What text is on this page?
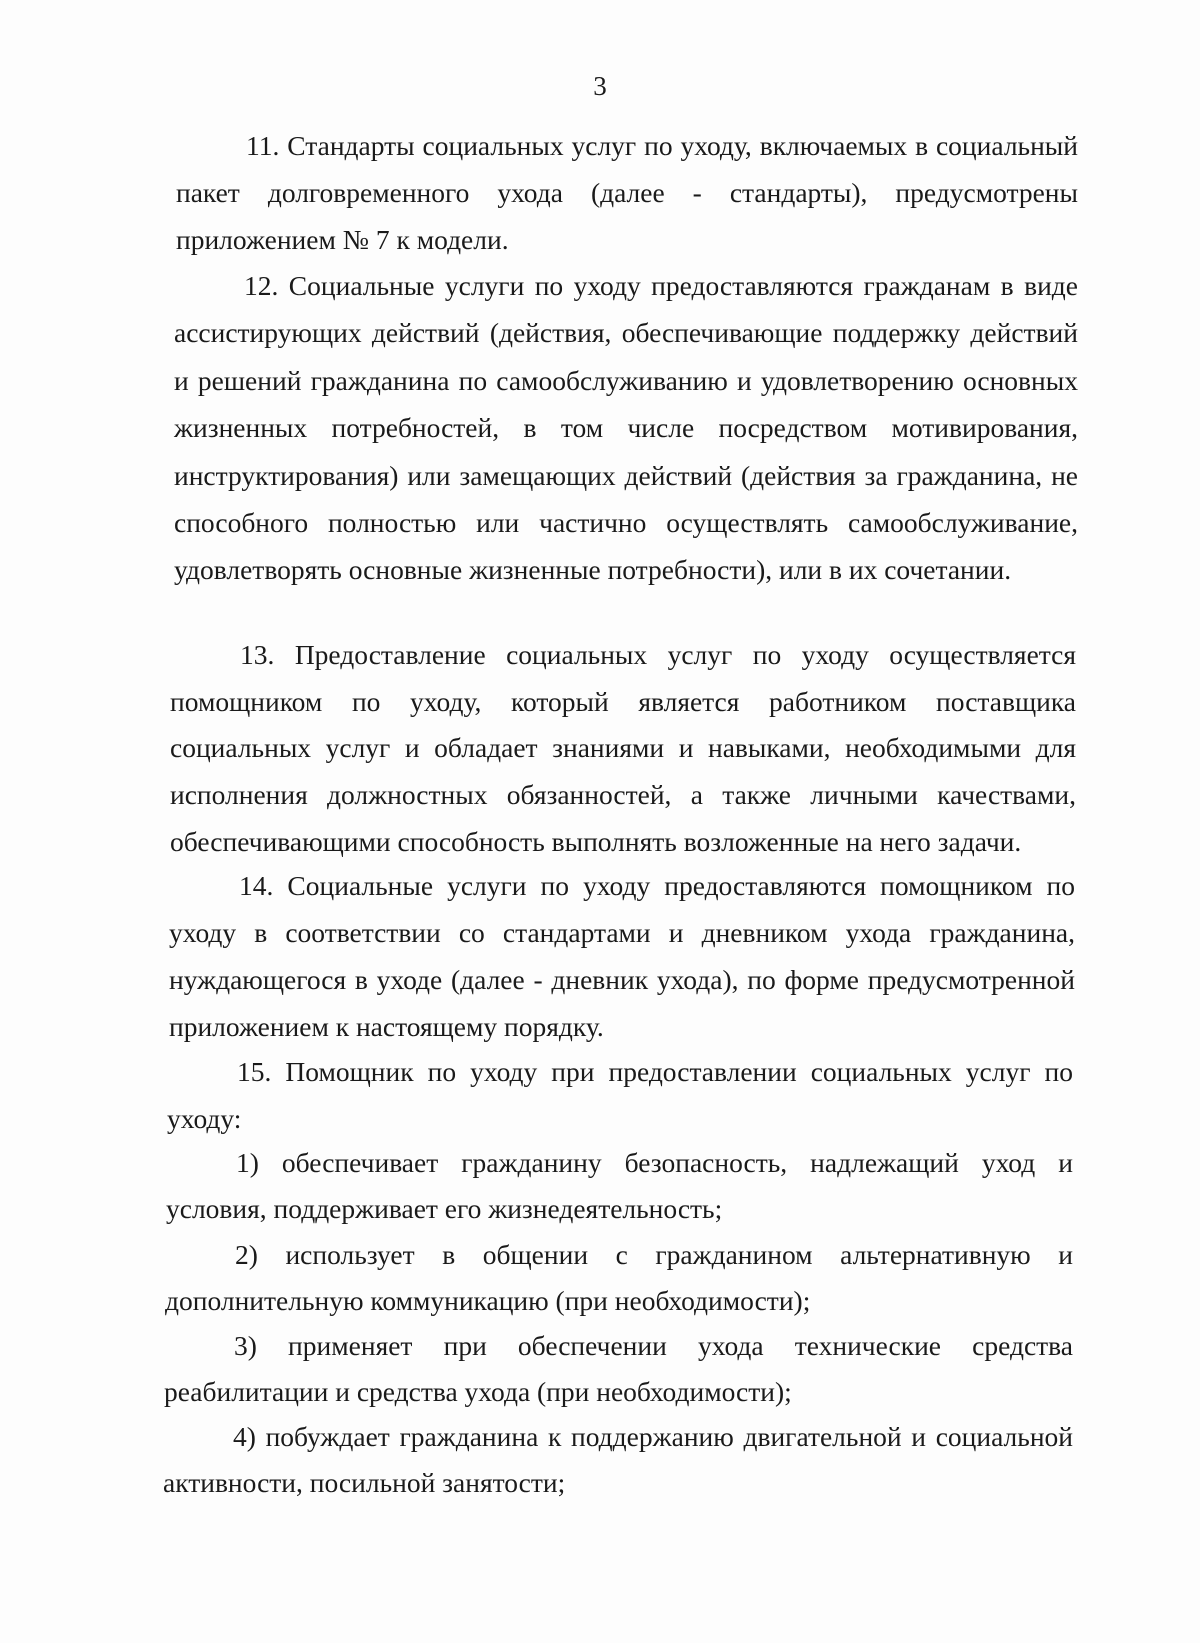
3

11. Стандарты социальных услуг по уходу, включаемых в социальный пакет долговременного ухода (далее - стандарты), предусмотрены приложением № 7 к модели.

12. Социальные услуги по уходу предоставляются гражданам в виде ассистирующих действий (действия, обеспечивающие поддержку действий и решений гражданина по самообслуживанию и удовлетворению основных жизненных потребностей, в том числе посредством мотивирования, инструктирования) или замещающих действий (действия за гражданина, не способного полностью или частично осуществлять самообслуживание, удовлетворять основные жизненные потребности), или в их сочетании.

13. Предоставление социальных услуг по уходу осуществляется помощником по уходу, который является работником поставщика социальных услуг и обладает знаниями и навыками, необходимыми для исполнения должностных обязанностей, а также личными качествами, обеспечивающими способность выполнять возложенные на него задачи.

14. Социальные услуги по уходу предоставляются помощником по уходу в соответствии со стандартами и дневником ухода гражданина, нуждающегося в уходе (далее - дневник ухода), по форме предусмотренной приложением к настоящему порядку.

15. Помощник по уходу при предоставлении социальных услуг по уходу:

1) обеспечивает гражданину безопасность, надлежащий уход и условия, поддерживает его жизнедеятельность;

2) использует в общении с гражданином альтернативную и дополнительную коммуникацию (при необходимости);

3) применяет при обеспечении ухода технические средства реабилитации и средства ухода (при необходимости);

4) побуждает гражданина к поддержанию двигательной и социальной активности, посильной занятости;
